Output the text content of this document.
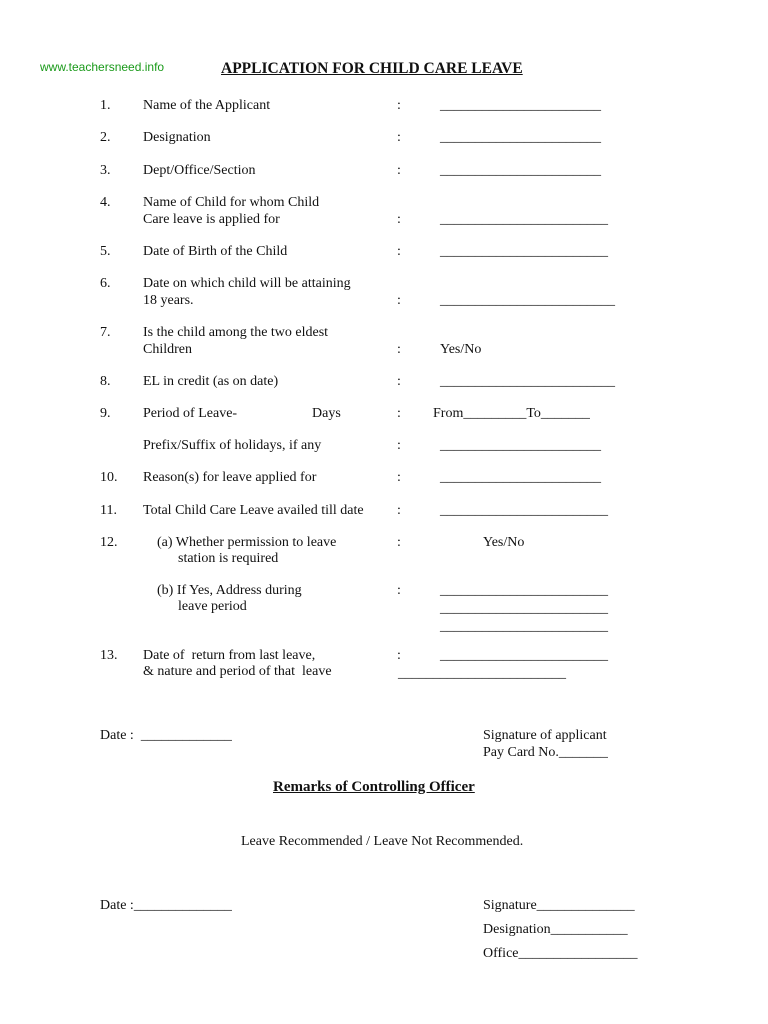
www.teachersneed.info	APPLICATION FOR CHILD CARE LEAVE
1. Name of the Applicant	:	_______________________
2. Designation	:	_______________________
3. Dept/Office/Section	:	_______________________
4. Name of Child for whom Child
Care leave is applied for	:	________________________
5. Date of Birth of the Child	:	________________________
6. Date on which child will be attaining
18 years.	:	_________________________
7. Is the child among the two eldest
Children	:	Yes/No
8. EL in credit (as on date)	:	_________________________
9. Period of Leave-	Days	: From_________To_______
Prefix/Suffix of holidays, if any	:	_______________________
10. Reason(s) for leave applied for	:	_______________________
11. Total Child Care Leave availed till date :	________________________
12.	(a) Whether permission to leave
station is required
:	Yes/No
(b) If Yes, Address during
leave period
:	________________________
________________________
________________________
13. Date of  return from last leave,
& nature and period of that  leave
:	________________________
________________________
Date :  _____________	Signature of applicant
Pay Card No._______
Remarks of Controlling Officer
Leave Recommended / Leave Not Recommended.
Date :______________	Signature______________
Designation___________
Office_________________
